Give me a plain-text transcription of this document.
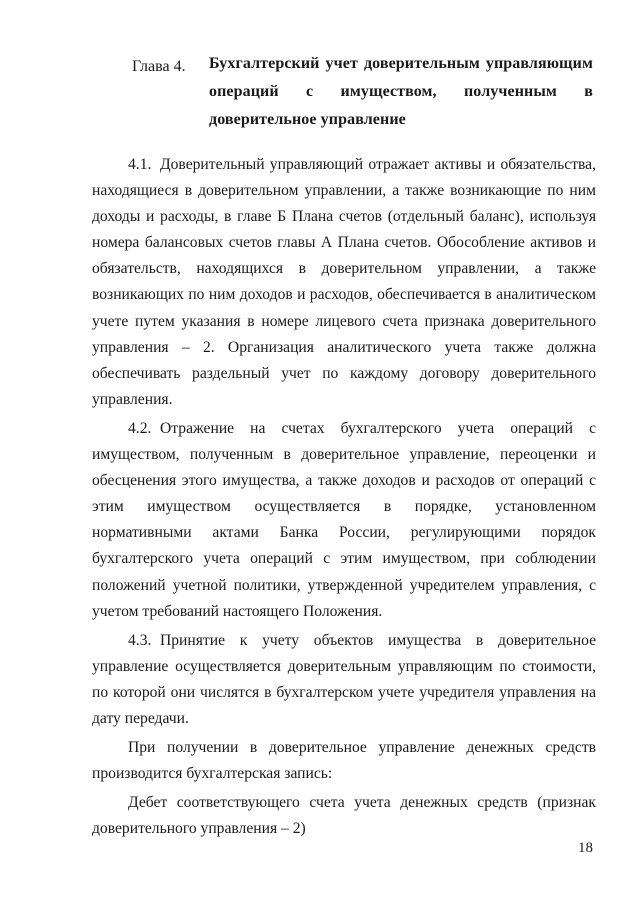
Глава 4. Бухгалтерский учет доверительным управляющим операций с имуществом, полученным в доверительное управление

4.1. Доверительный управляющий отражает активы и обязательства, находящиеся в доверительном управлении, а также возникающие по ним доходы и расходы, в главе Б Плана счетов (отдельный баланс), используя номера балансовых счетов главы А Плана счетов. Обособление активов и обязательств, находящихся в доверительном управлении, а также возникающих по ним доходов и расходов, обеспечивается в аналитическом учете путем указания в номере лицевого счета признака доверительного управления – 2. Организация аналитического учета также должна обеспечивать раздельный учет по каждому договору доверительного управления.

4.2. Отражение на счетах бухгалтерского учета операций с имуществом, полученным в доверительное управление, переоценки и обесценения этого имущества, а также доходов и расходов от операций с этим имуществом осуществляется в порядке, установленном нормативными актами Банка России, регулирующими порядок бухгалтерского учета операций с этим имуществом, при соблюдении положений учетной политики, утвержденной учредителем управления, с учетом требований настоящего Положения.

4.3. Принятие к учету объектов имущества в доверительное управление осуществляется доверительным управляющим по стоимости, по которой они числятся в бухгалтерском учете учредителя управления на дату передачи.

При получении в доверительное управление денежных средств производится бухгалтерская запись:

Дебет соответствующего счета учета денежных средств (признак доверительного управления – 2)

18
